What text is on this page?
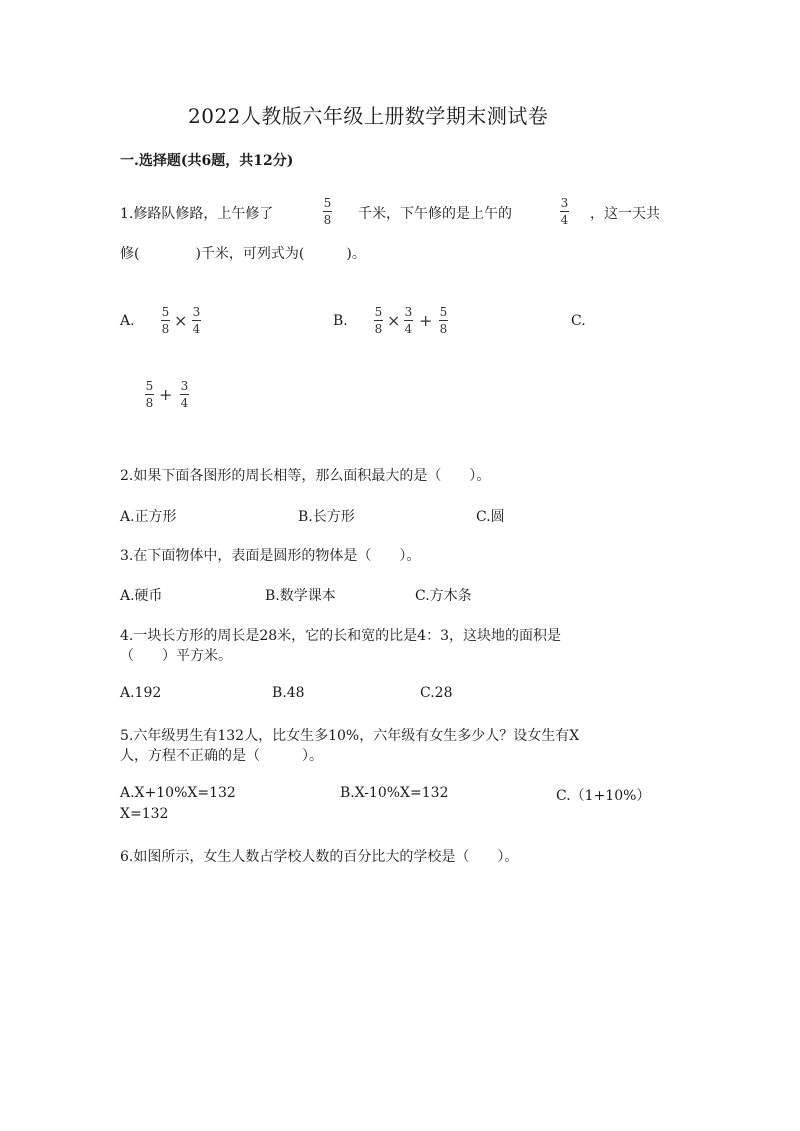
2022人教版六年级上册数学期末测试卷
一.选择题(共6题，共12分)
1.修路队修路，上午修了
5
8 千米，下午修的是上午的
3
4 ，这一天共
修(　　　　)千米，可列式为(　　　)。
A.
5
8 × 3
4	B.
5
8 × 3
4 + 5
8	C.
5
8 + 3
4
2.如果下面各图形的周长相等，那么面积最大的是（　　）。
A.正方形	B.长方形	C.圆
3.在下面物体中，表面是圆形的物体是（　　）。
A.硬币	B.数学课本	C.方木条
4.一块长方形的周长是28米，它的长和宽的比是4：3，这块地的面积是
（　　）平方米。
A.192	B.48	C.28
5.六年级男生有132人，比女生多10%，六年级有女生多少人？设女生有X
人，方程不正确的是（　　　）。
A.X+10%X=132	B.X-10%X=132	C.（1+10%）
X=132
6.如图所示，女生人数占学校人数的百分比大的学校是（　　）。
